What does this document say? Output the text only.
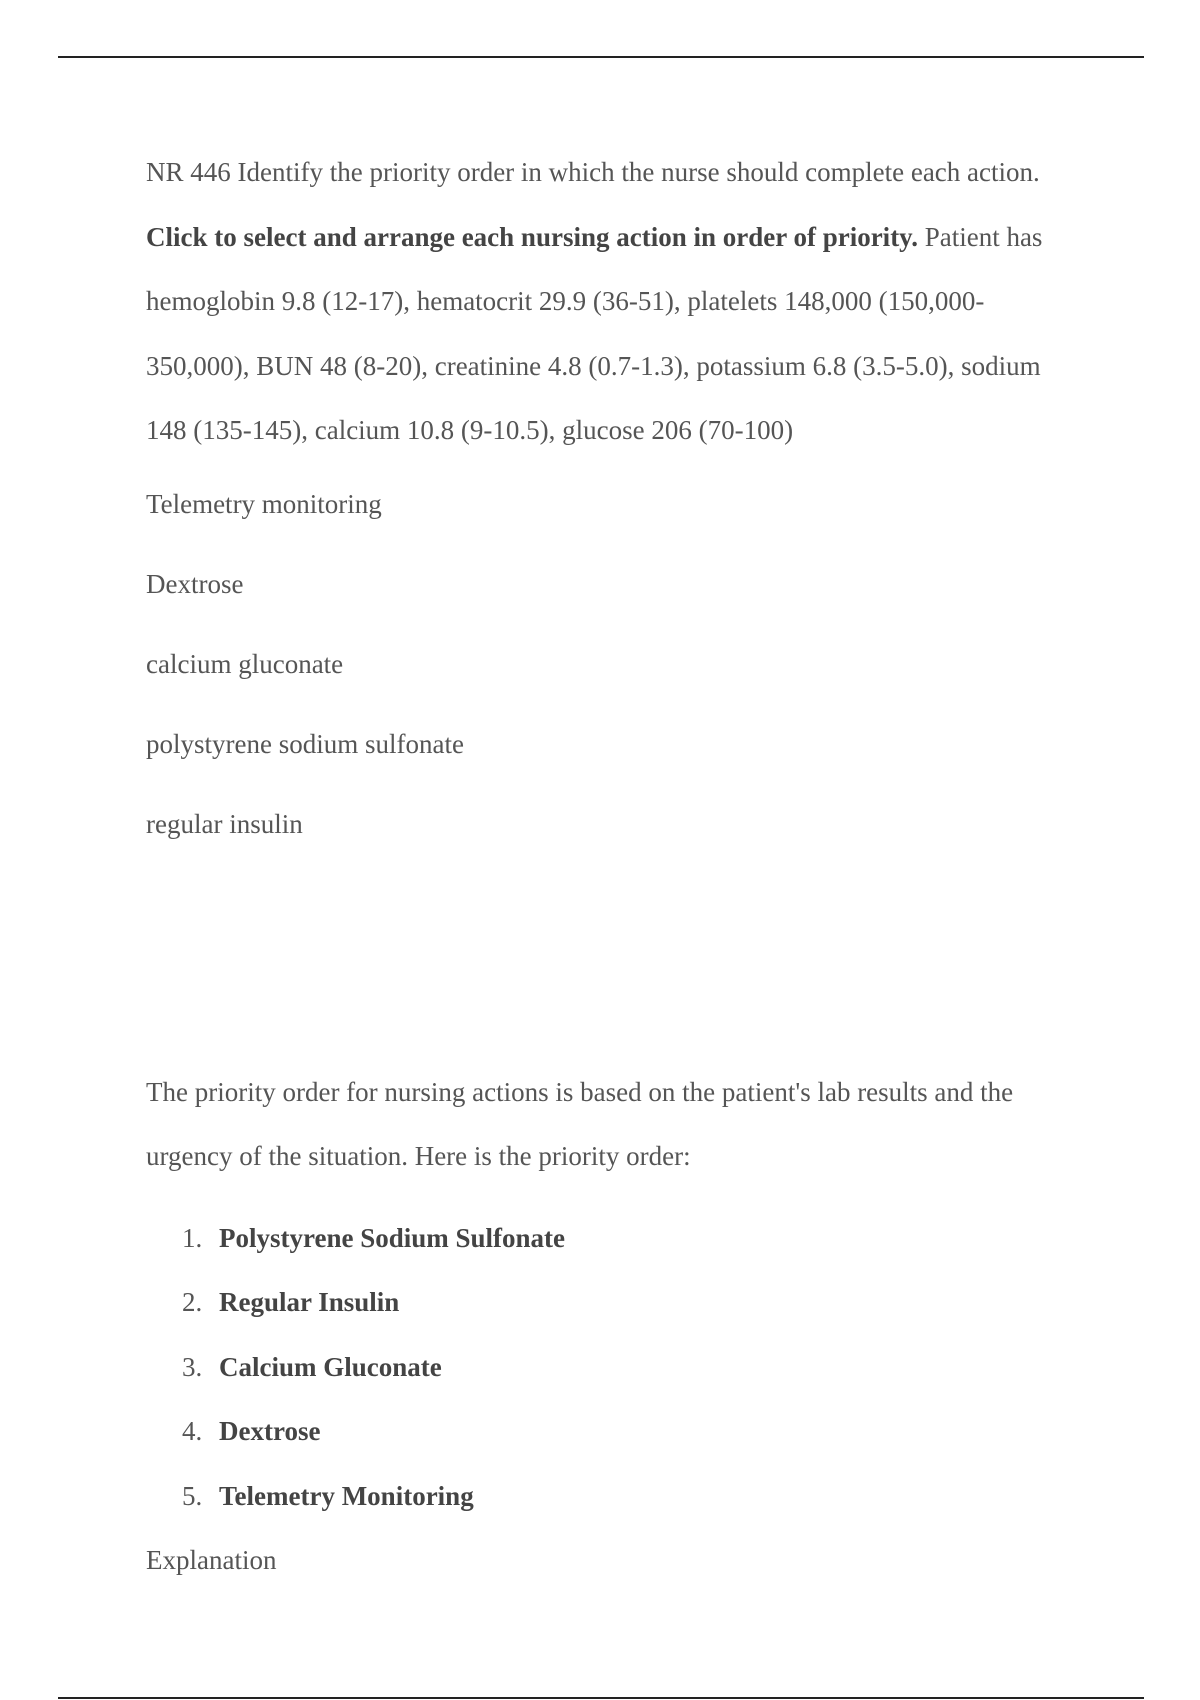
NR 446 Identify the priority order in which the nurse should complete each action. Click to select and arrange each nursing action in order of priority. Patient has hemoglobin 9.8 (12-17), hematocrit 29.9 (36-51), platelets 148,000 (150,000-350,000), BUN 48 (8-20), creatinine 4.8 (0.7-1.3), potassium 6.8 (3.5-5.0), sodium 148 (135-145), calcium 10.8 (9-10.5), glucose 206 (70-100)

Telemetry monitoring

Dextrose

calcium gluconate

polystyrene sodium sulfonate

regular insulin

The priority order for nursing actions is based on the patient's lab results and the urgency of the situation. Here is the priority order:

1. Polystyrene Sodium Sulfonate
2. Regular Insulin
3. Calcium Gluconate
4. Dextrose
5. Telemetry Monitoring

Explanation
